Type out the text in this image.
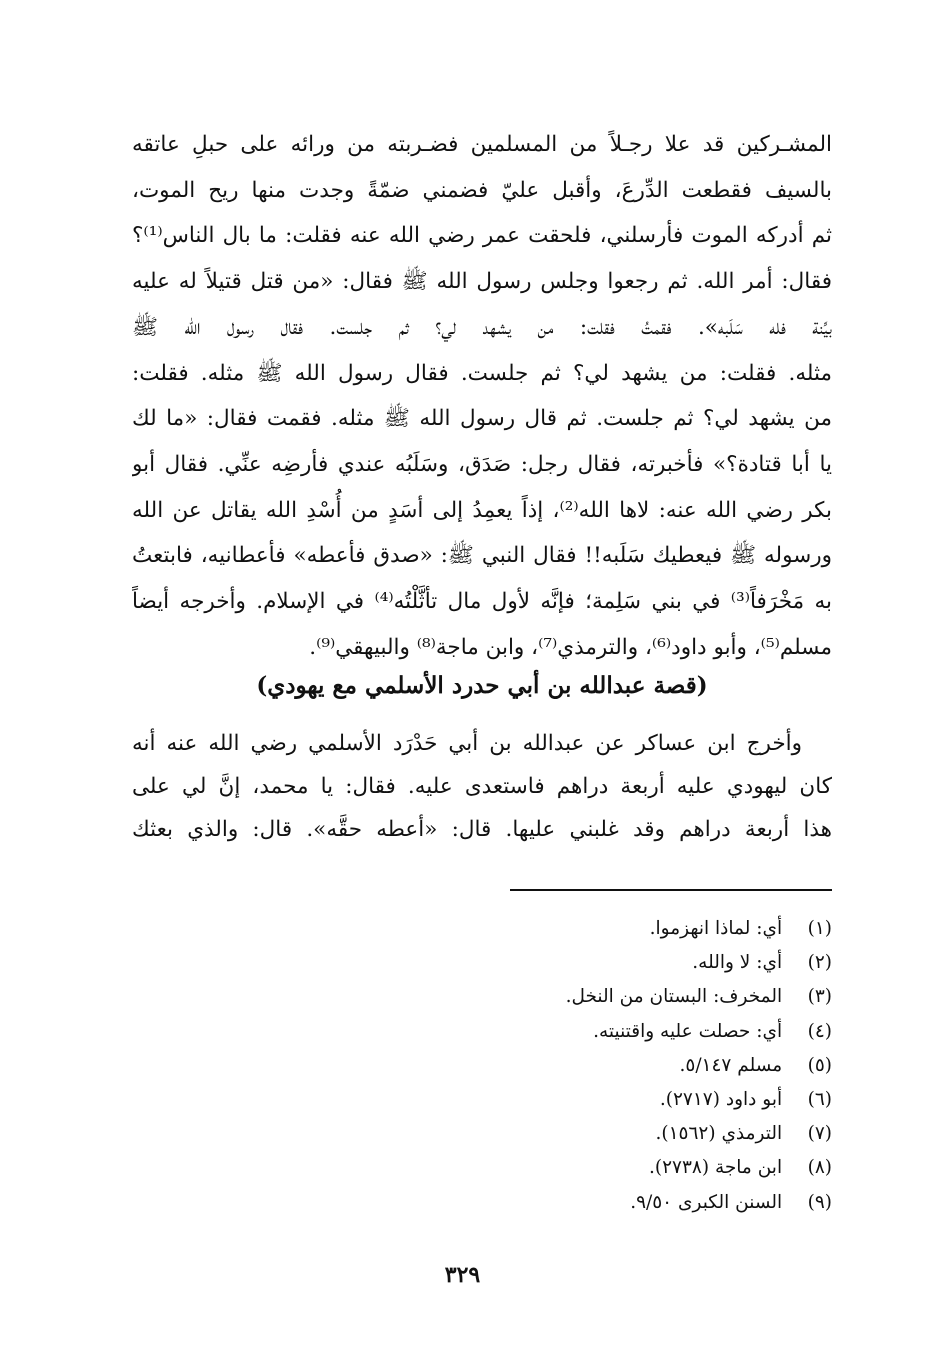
المشـركين قد علا رجـلاً من المسلمين فضـربته من ورائه على حبلِ عاتقه
بالسيف فقطعت الدِّرعَ، وأقبل عليّ فضمني ضمّةً وجدت منها ريح الموت،
ثم أدركه الموت فأرسلني، فلحقت عمر رضي الله عنه فقلت: ما بال الناس⁽¹⁾؟
فقال: أمر الله. ثم رجعوا وجلس رسول الله ﷺ فقال: «من قتل قتيلاً له عليه
بيِّنة فله سَلَبه». فقمتُ فقلت: من يشهد لي؟ ثم جلست. فقال رسول الله ﷺ
مثله. فقلت: من يشهد لي؟ ثم جلست. فقال رسول الله ﷺ مثله. فقلت:
من يشهد لي؟ ثم جلست. ثم قال رسول الله ﷺ مثله. فقمت فقال: «ما لك
يا أبا قتادة؟» فأخبرته، فقال رجل: صَدَق، وسَلَبُه عندي فأرضِه عنِّي. فقال أبو
بكر رضي الله عنه: لاها الله⁽²⁾، إذاً يعمِدُ إلى أسَدٍ من أُسْدِ الله يقاتل عن الله
ورسوله ﷺ فيعطيك سَلَبه!! فقال النبي ﷺ: «صدق فأعطه» فأعطانيه، فابتعتُ
به مَخْرَفاً⁽³⁾ في بني سَلِمة؛ فإنَّه لأول مال تأثَّلْتُه⁽⁴⁾ في الإسلام. وأخرجه أيضاً
مسلم⁽⁵⁾، وأبو داود⁽⁶⁾، والترمذي⁽⁷⁾، وابن ماجة⁽⁸⁾ والبيهقي⁽⁹⁾.
(قصة عبدالله بن أبي حدرد الأسلمي مع يهودي)
وأخرج ابن عساكر عن عبدالله بن أبي حَدْرَد الأسلمي رضي الله عنه أنه
كان ليهودي عليه أربعة دراهم فاستعدى عليه. فقال: يا محمد، إنَّ لي على
هذا أربعة دراهم وقد غلبني عليها. قال: «أعطه حقَّه». قال: والذي بعثك
(١) أي: لماذا انهزموا.
(٢) أي: لا والله.
(٣) المخرف: البستان من النخل.
(٤) أي: حصلت عليه واقتنيته.
(٥) مسلم ٥/١٤٧.
(٦) أبو داود (٢٧١٧).
(٧) الترمذي (١٥٦٢).
(٨) ابن ماجة (٢٧٣٨).
(٩) السنن الكبرى ٩/٥٠.
٣٢٩
